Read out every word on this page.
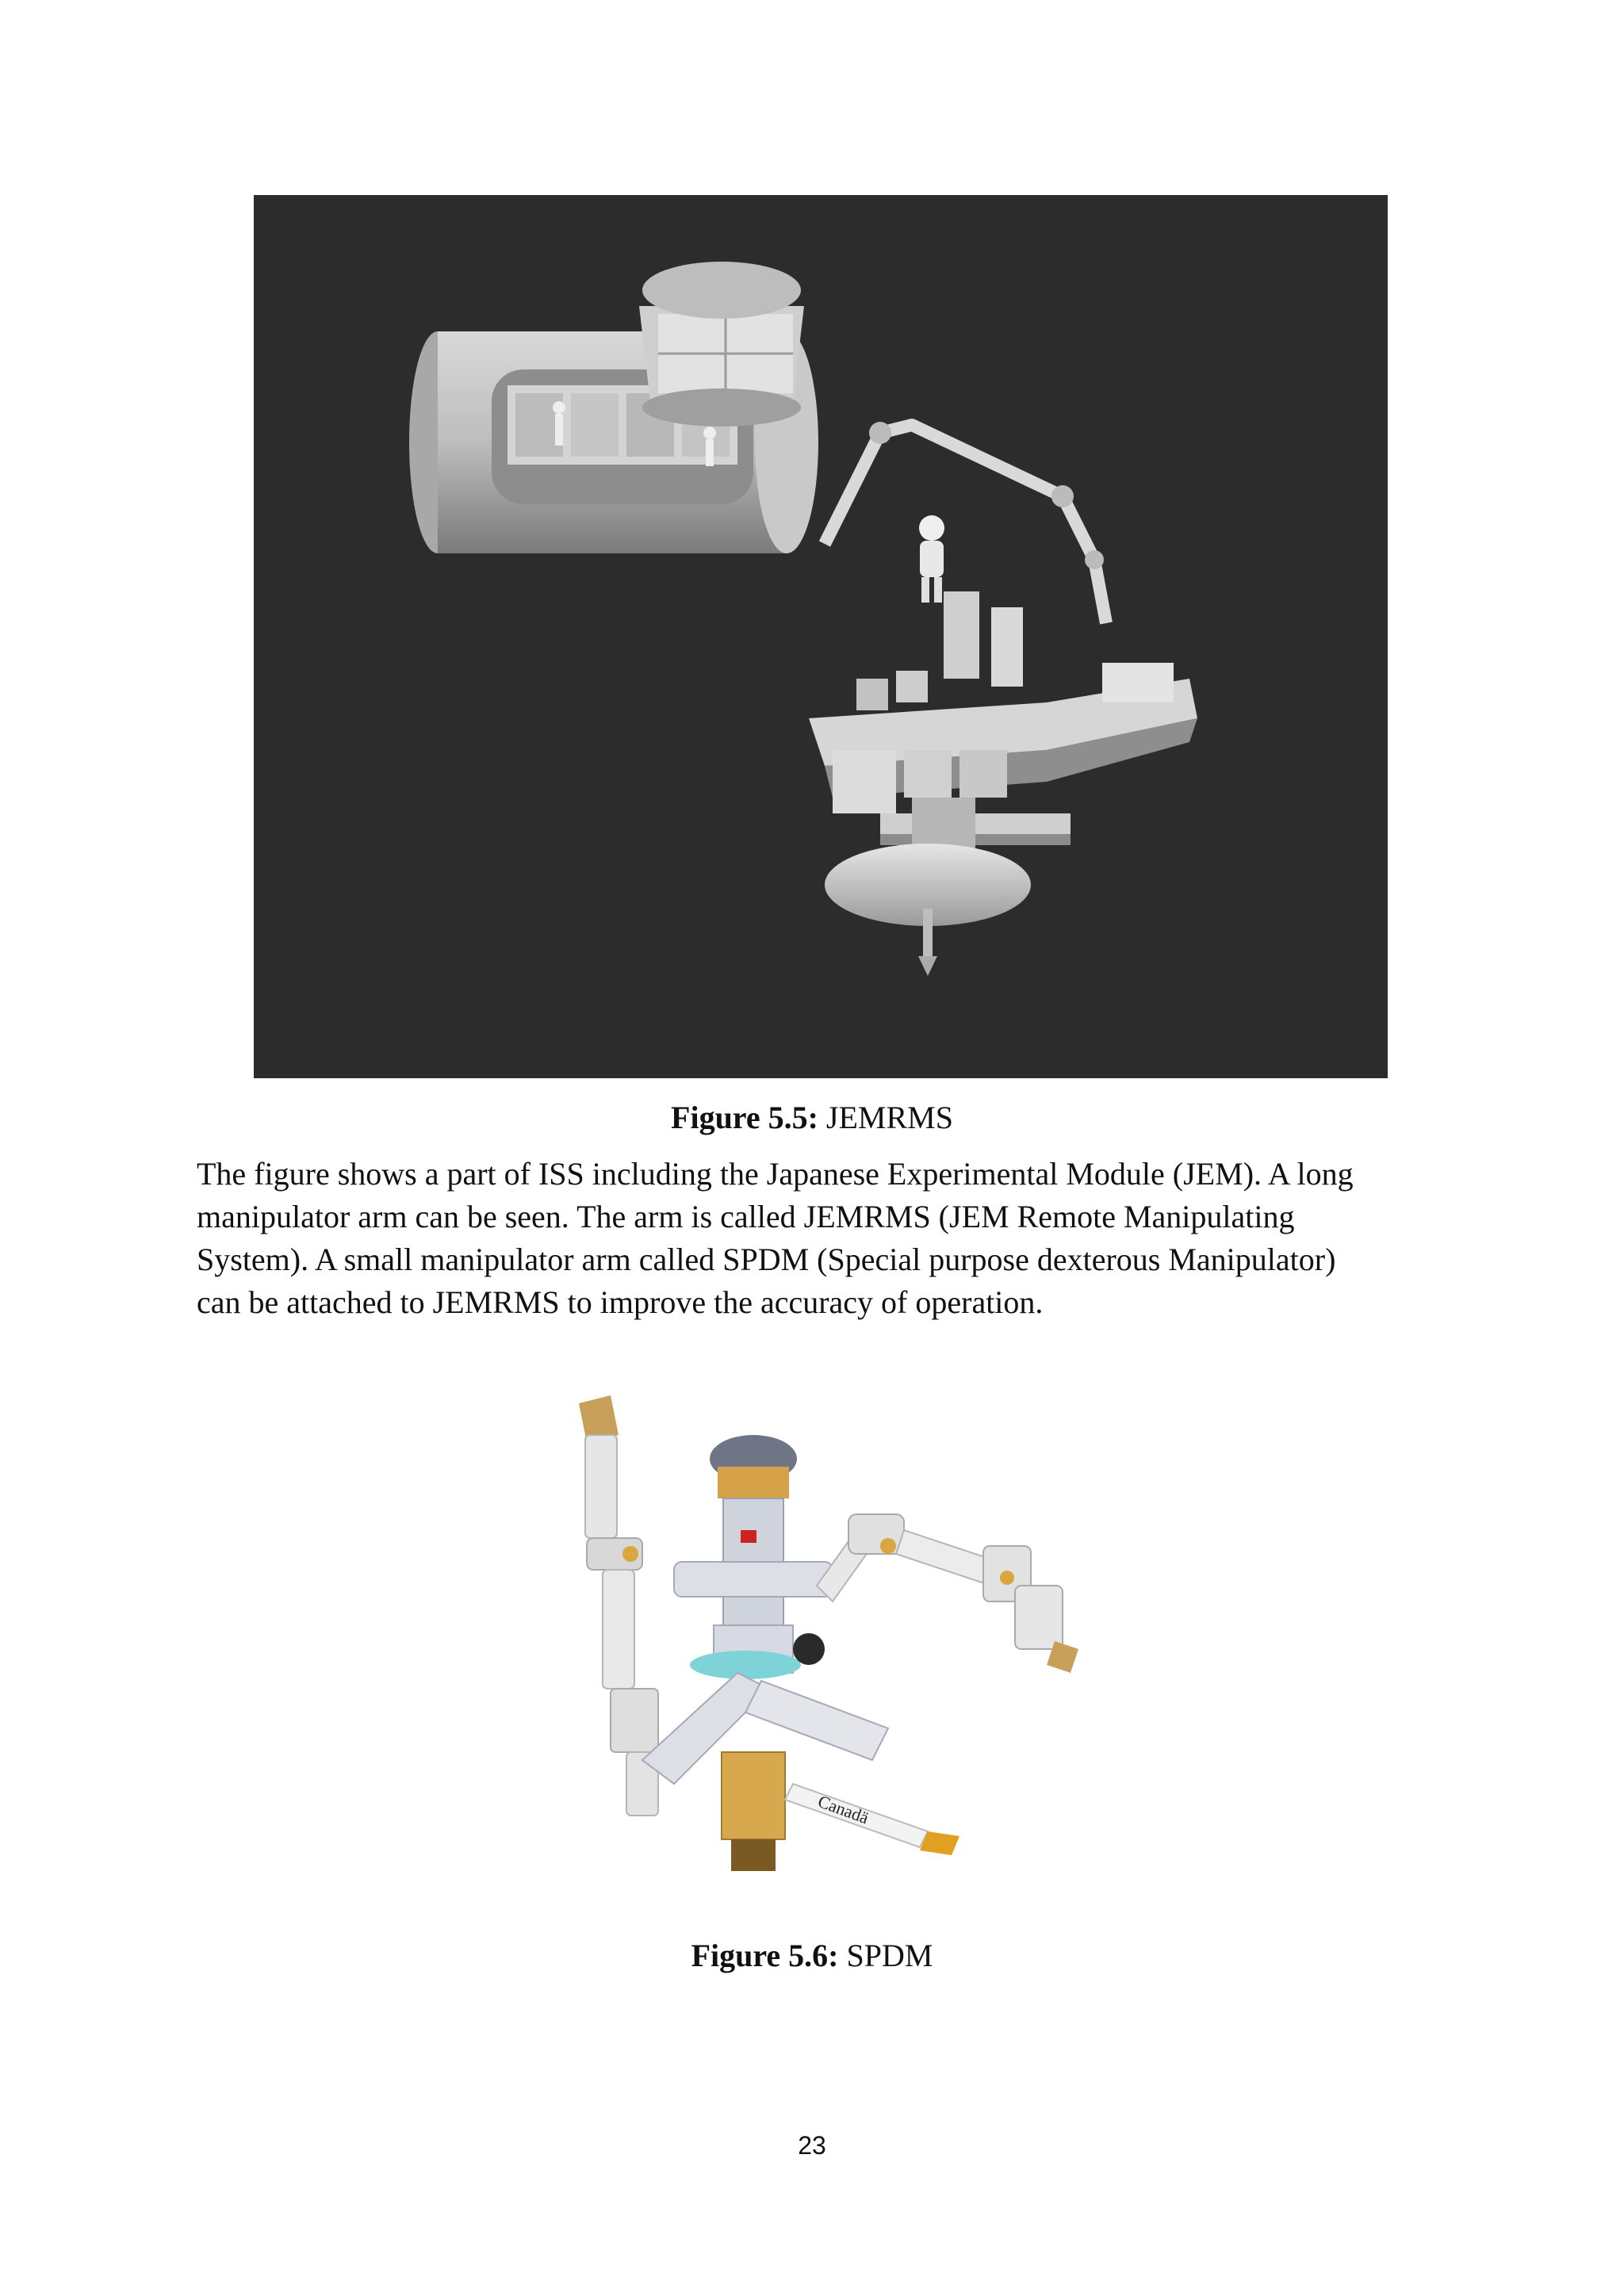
Figure 5.5: JEMRMS
The figure shows a part of ISS including the Japanese Experimental Module (JEM). A long
manipulator arm can be seen. The arm is called JEMRMS (JEM Remote Manipulating
System). A small manipulator arm called SPDM (Special purpose dexterous Manipulator)
can be attached to JEMRMS to improve the accuracy of operation.
Canadä
Figure 5.6: SPDM
23
